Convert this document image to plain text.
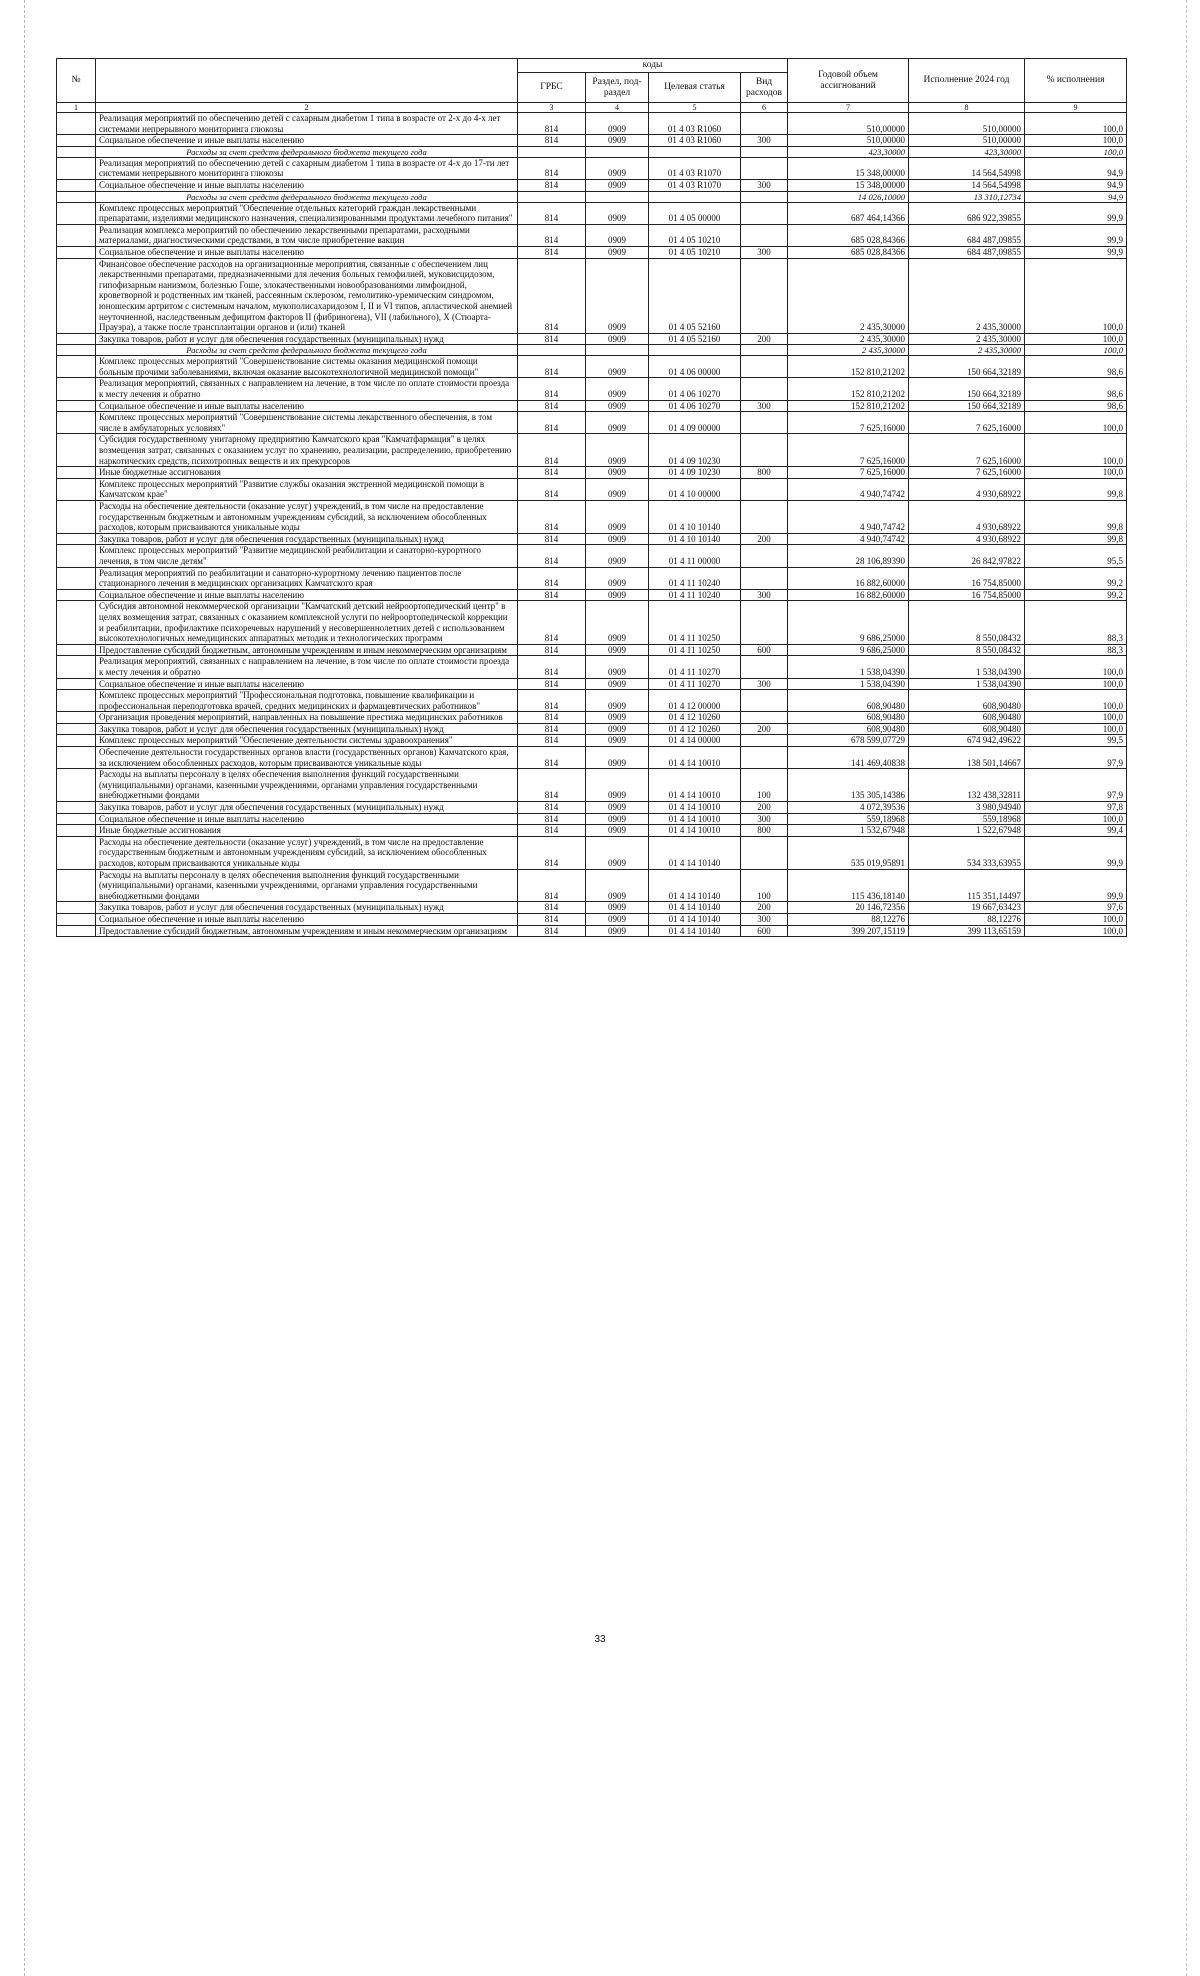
№		коды				Годовой объем ассигнований	Исполнение 2024 год	% исполнения
		ГРБС	Раздел, под-раздел	Целевая статья	Вид расходов			
1	2	3	4	5	6	7	8	9
	Реализация мероприятий по обеспечению детей с сахарным диабетом 1 типа в возрасте от 2-х до 4-х лет системами непрерывного мониторинга глюкозы	814	0909	01 4 03 R1060		510,00000	510,00000	100,0
	Социальное обеспечение и иные выплаты населению	814	0909	01 4 03 R1060	300	510,00000	510,00000	100,0
	Расходы за счет средств федерального бюджета текущего года					423,30000	423,30000	100,0
	Реализация мероприятий по обеспечению детей с сахарным диабетом 1 типа в возрасте от 4-х до 17-ти лет системами непрерывного мониторинга глюкозы	814	0909	01 4 03 R1070		15 348,00000	14 564,54998	94,9
	Социальное обеспечение и иные выплаты населению	814	0909	01 4 03 R1070	300	15 348,00000	14 564,54998	94,9
	Расходы за счет средств федерального бюджета текущего года					14 026,10000	13 310,12734	94,9
	Комплекс процессных мероприятий "Обеспечение отдельных категорий граждан лекарственными препаратами, изделиями медицинского назначения, специализированными продуктами лечебного питания"	814	0909	01 4 05 00000		687 464,14366	686 922,39855	99,9
	Реализация комплекса мероприятий по обеспечению лекарственными препаратами, расходными материалами, диагностическими средствами, в том числе приобретение вакцин	814	0909	01 4 05 10210		685 028,84366	684 487,09855	99,9
	Социальное обеспечение и иные выплаты населению	814	0909	01 4 05 10210	300	685 028,84366	684 487,09855	99,9
	Финансовое обеспечение расходов на организационные мероприятия, связанные с обеспечением лиц лекарственными препаратами, предназначенными для лечения больных гемофилией, муковисцидозом, гипофизарным нанизмом, болезнью Гоше, злокачественными новообразованиями лимфоидной, кроветворной и родственных им тканей, рассеянным склерозом, гемолитико-уремическим синдромом, юношеским артритом с системным началом, мукополисахаридозом I, II и VI типов, апластической анемией неуточненной, наследственным дефицитом факторов II (фибриногена), VII (лабильного), X (Стюарта-Прауэра), а также после трансплантации органов и (или) тканей	814	0909	01 4 05 52160		2 435,30000	2 435,30000	100,0
	Закупка товаров, работ и услуг для обеспечения государственных (муниципальных) нужд	814	0909	01 4 05 52160	200	2 435,30000	2 435,30000	100,0
	Расходы за счет средств федерального бюджета текущего года					2 435,30000	2 435,30000	100,0
	Комплекс процессных мероприятий "Совершенствование системы оказания медицинской помощи больным прочими заболеваниями, включая оказание высокотехнологичной медицинской помощи"	814	0909	01 4 06 00000		152 810,21202	150 664,32189	98,6
	Реализация мероприятий, связанных с направлением на лечение, в том числе по оплате стоимости проезда к месту лечения и обратно	814	0909	01 4 06 10270		152 810,21202	150 664,32189	98,6
	Социальное обеспечение и иные выплаты населению	814	0909	01 4 06 10270	300	152 810,21202	150 664,32189	98,6
	Комплекс процессных мероприятий "Совершенствование системы лекарственного обеспечения, в том числе в амбулаторных условиях"	814	0909	01 4 09 00000		7 625,16000	7 625,16000	100,0
	Субсидия государственному унитарному предприятию Камчатского края "Камчатфармация" в целях возмещения затрат, связанных с оказанием услуг по хранению, реализации, распределению, приобретению наркотических средств, психотропных веществ и их прекурсоров	814	0909	01 4 09 10230		7 625,16000	7 625,16000	100,0
	Иные бюджетные ассигнования	814	0909	01 4 09 10230	800	7 625,16000	7 625,16000	100,0
	Комплекс процессных мероприятий "Развитие службы оказания экстренной медицинской помощи в Камчатском крае"	814	0909	01 4 10 00000		4 940,74742	4 930,68922	99,8
	Расходы на обеспечение деятельности (оказание услуг) учреждений, в том числе на предоставление государственным бюджетным и автономным учреждениям субсидий, за исключением обособленных расходов, которым присваиваются уникальные коды	814	0909	01 4 10 10140		4 940,74742	4 930,68922	99,8
	Закупка товаров, работ и услуг для обеспечения государственных (муниципальных) нужд	814	0909	01 4 10 10140	200	4 940,74742	4 930,68922	99,8
	Комплекс процессных мероприятий "Развитие медицинской реабилитации и санаторно-курортного лечения, в том числе детям"	814	0909	01 4 11 00000		28 106,89390	26 842,97822	95,5
	Реализация мероприятий по реабилитации и санаторно-курортному лечению пациентов после стационарного лечения в медицинских организациях Камчатского края	814	0909	01 4 11 10240		16 882,60000	16 754,85000	99,2
	Социальное обеспечение и иные выплаты населению	814	0909	01 4 11 10240	300	16 882,60000	16 754,85000	99,2
	Субсидия автономной некоммерческой организации "Камчатский детский нейроортопедический центр" в целях возмещения затрат, связанных с оказанием комплексной услуги по нейроортопедической коррекции и реабилитации, профилактике психоречевых нарушений у несовершеннолетних детей с использованием высокотехнологичных немедицинских аппаратных методик и технологических программ	814	0909	01 4 11 10250		9 686,25000	8 550,08432	88,3
	Предоставление субсидий бюджетным, автономным учреждениям и иным некоммерческим организациям	814	0909	01 4 11 10250	600	9 686,25000	8 550,08432	88,3
	Реализация мероприятий, связанных с направлением на лечение, в том числе по оплате стоимости проезда к месту лечения и обратно	814	0909	01 4 11 10270		1 538,04390	1 538,04390	100,0
	Социальное обеспечение и иные выплаты населению	814	0909	01 4 11 10270	300	1 538,04390	1 538,04390	100,0
	Комплекс процессных мероприятий "Профессиональная подготовка, повышение квалификации и профессиональная переподготовка врачей, средних медицинских и фармацевтических работников"	814	0909	01 4 12 00000		608,90480	608,90480	100,0
	Организация проведения мероприятий, направленных на повышение престижа медицинских работников	814	0909	01 4 12 10260		608,90480	608,90480	100,0
	Закупка товаров, работ и услуг для обеспечения государственных (муниципальных) нужд	814	0909	01 4 12 10260	200	608,90480	608,90480	100,0
	Комплекс процессных мероприятий "Обеспечение деятельности системы здравоохранения"	814	0909	01 4 14 00000		678 599,07729	674 942,49622	99,5
	Обеспечение деятельности государственных органов власти (государственных органов) Камчатского края, за исключением обособленных расходов, которым присваиваются уникальные коды	814	0909	01 4 14 10010		141 469,40838	138 501,14667	97,9
	Расходы на выплаты персоналу в целях обеспечения выполнения функций государственными (муниципальными) органами, казенными учреждениями, органами управления государственными внебюджетными фондами	814	0909	01 4 14 10010	100	135 305,14386	132 438,32811	97,9
	Закупка товаров, работ и услуг для обеспечения государственных (муниципальных) нужд	814	0909	01 4 14 10010	200	4 072,39536	3 980,94940	97,8
	Социальное обеспечение и иные выплаты населению	814	0909	01 4 14 10010	300	559,18968	559,18968	100,0
	Иные бюджетные ассигнования	814	0909	01 4 14 10010	800	1 532,67948	1 522,67948	99,4
	Расходы на обеспечение деятельности (оказание услуг) учреждений, в том числе на предоставление государственным бюджетным и автономным учреждениям субсидий, за исключением обособленных расходов, которым присваиваются уникальные коды	814	0909	01 4 14 10140		535 019,95891	534 333,63955	99,9
	Расходы на выплаты персоналу в целях обеспечения выполнения функций государственными (муниципальными) органами, казенными учреждениями, органами управления государственными внебюджетными фондами	814	0909	01 4 14 10140	100	115 436,18140	115 351,14497	99,9
	Закупка товаров, работ и услуг для обеспечения государственных (муниципальных) нужд	814	0909	01 4 14 10140	200	20 146,72356	19 667,63423	97,6
	Социальное обеспечение и иные выплаты населению	814	0909	01 4 14 10140	300	88,12276	88,12276	100,0
	Предоставление субсидий бюджетным, автономным учреждениям и иным некоммерческим организациям	814	0909	01 4 14 10140	600	399 207,15119	399 113,65159	100,0
33
